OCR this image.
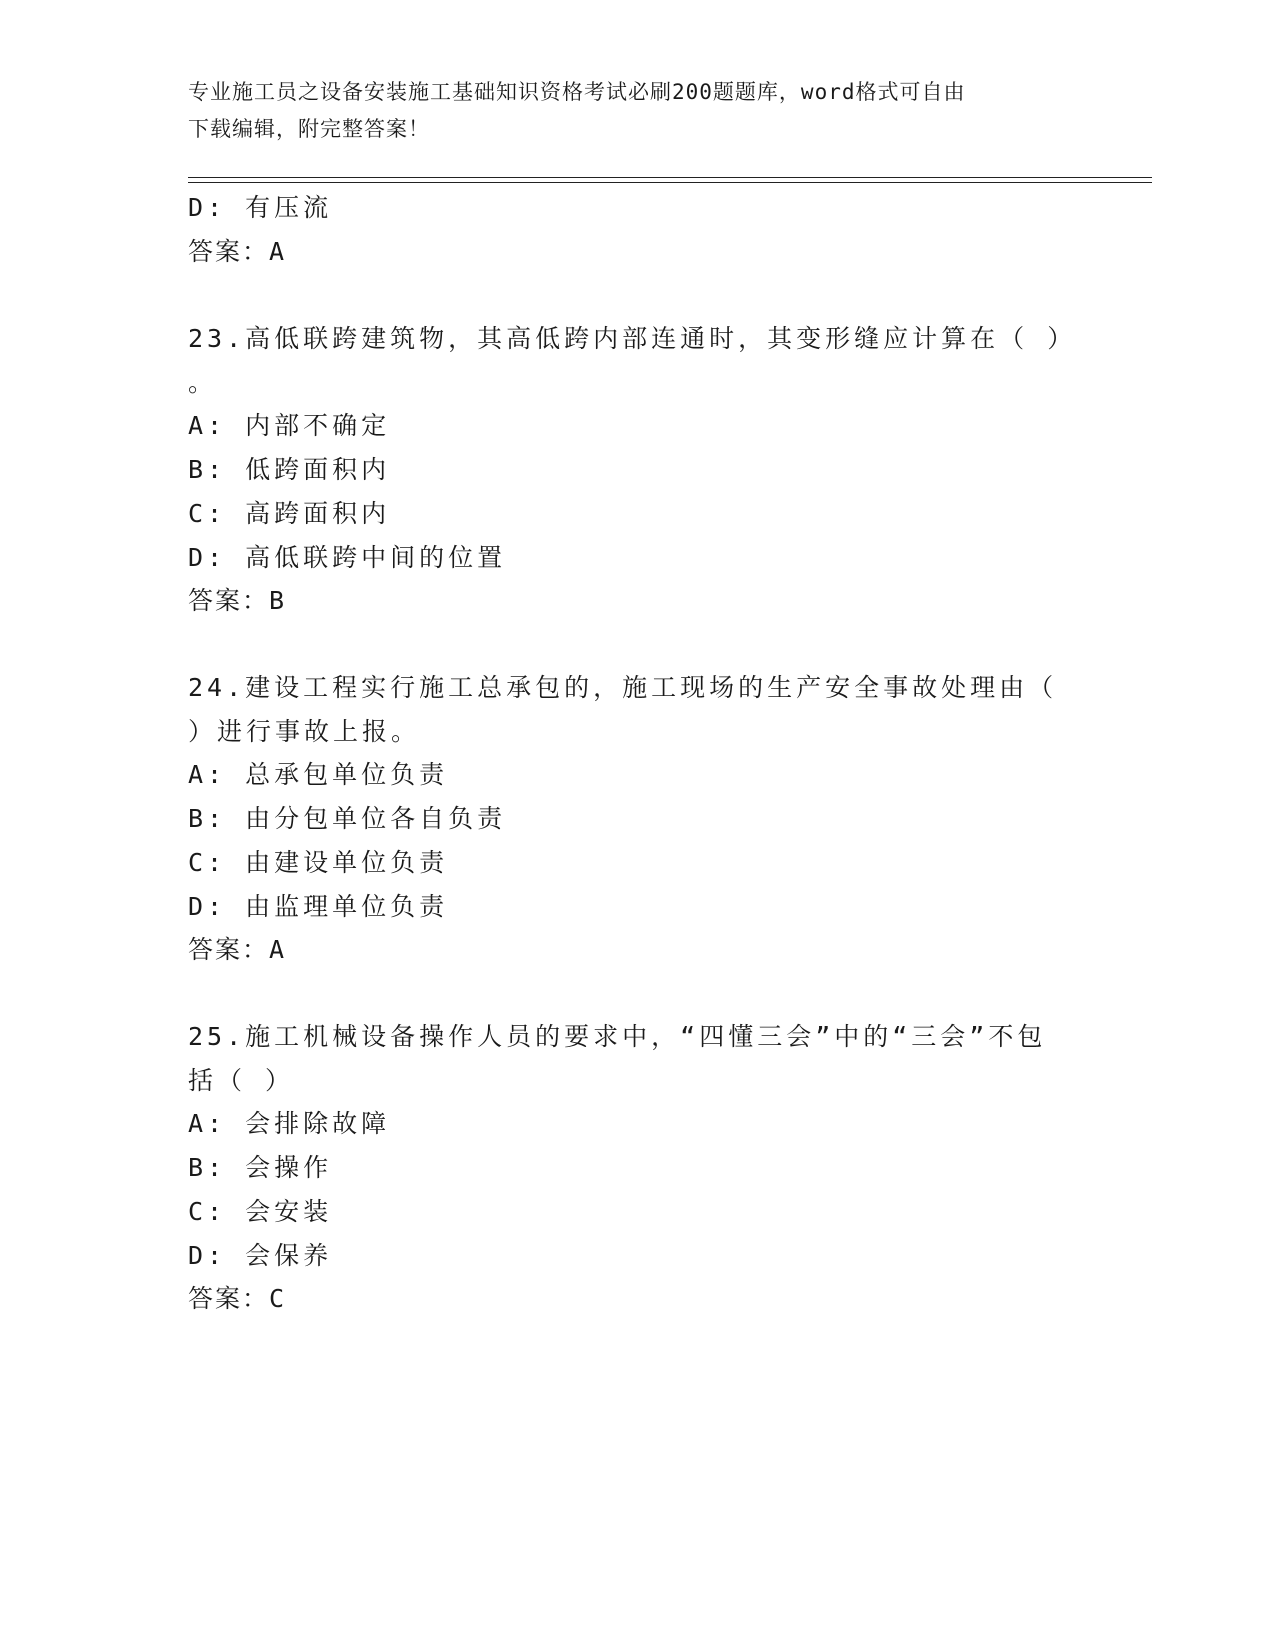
专业施工员之设备安装施工基础知识资格考试必刷200题题库，word格式可自由
下载编辑，附完整答案！
D: 有压流
答案：A
23.高低联跨建筑物，其高低跨内部连通时，其变形缝应计算在（ ）
。
A: 内部不确定
B: 低跨面积内
C: 高跨面积内
D: 高低联跨中间的位置
答案：B
24.建设工程实行施工总承包的，施工现场的生产安全事故处理由（
）进行事故上报。
A: 总承包单位负责
B: 由分包单位各自负责
C: 由建设单位负责
D: 由监理单位负责
答案：A
25.施工机械设备操作人员的要求中，“四懂三会”中的“三会”不包
括（ ）
A: 会排除故障
B: 会操作
C: 会安装
D: 会保养
答案：C
